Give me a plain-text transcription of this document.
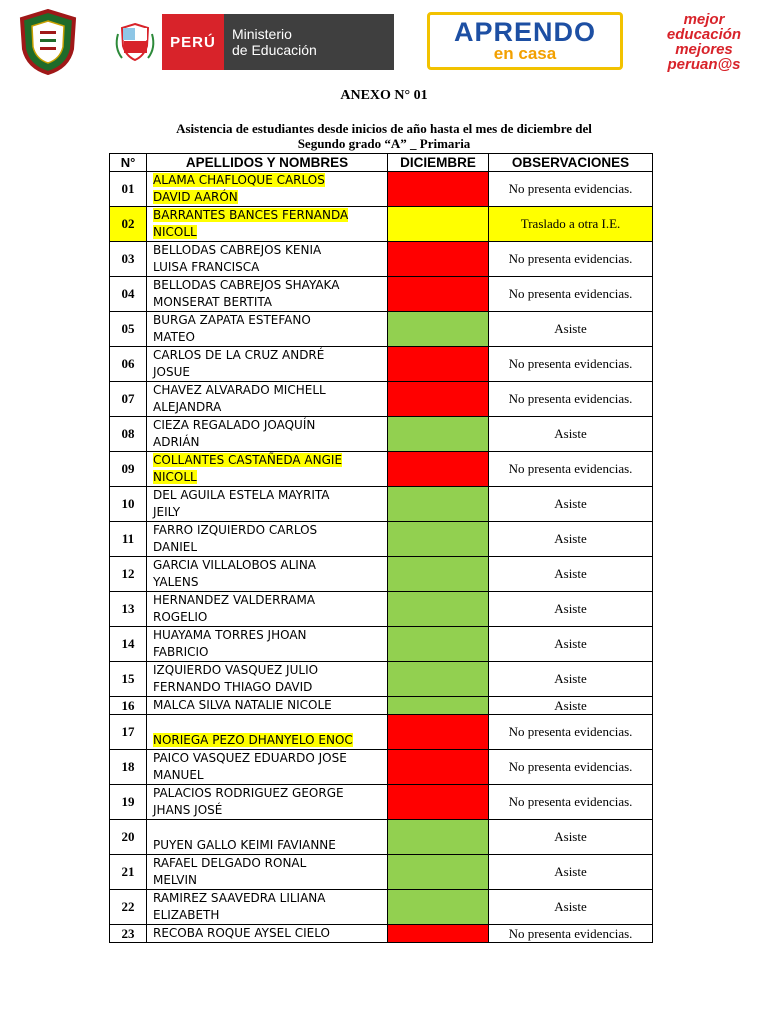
PERÚ	Ministerio
de Educación
APRENDO
en casa
mejor
educación
mejores
peruan@s
ANEXO N° 01
Asistencia de estudiantes desde inicios de año hasta el mes de diciembre del
Segundo grado “A” _ Primaria
N°	APELLIDOS Y NOMBRES	DICIEMBRE	OBSERVACIONES
01	ALAMA CHAFLOQUE CARLOS
DAVID AARÓN		No presenta evidencias.
02	BARRANTES BANCES FERNANDA
NICOLL		Traslado a otra I.E.
03	BELLODAS CABREJOS KENIA
LUISA FRANCISCA		No presenta evidencias.
04	BELLODAS CABREJOS SHAYAKA
MONSERAT BERTITA		No presenta evidencias.
05	BURGA ZAPATA ESTEFANO
MATEO		Asiste
06	CARLOS DE LA CRUZ ANDRÉ
JOSUE		No presenta evidencias.
07	CHAVEZ ALVARADO MICHELL
ALEJANDRA		No presenta evidencias.
08	CIEZA REGALADO JOAQUÍN
ADRIÁN		Asiste
09	COLLANTES CASTAÑEDA ANGIE
NICOLL		No presenta evidencias.
10	DEL AGUILA ESTELA MAYRITA
JEILY		Asiste
11	FARRO IZQUIERDO CARLOS
DANIEL		Asiste
12	GARCIA VILLALOBOS ALINA
YALENS		Asiste
13	HERNANDEZ VALDERRAMA
ROGELIO		Asiste
14	HUAYAMA TORRES JHOAN
FABRICIO		Asiste
15	IZQUIERDO VASQUEZ JULIO
FERNANDO THIAGO DAVID		Asiste
16	MALCA SILVA NATALIE NICOLE		Asiste
17	NORIEGA PEZO DHANYELO ENOC		No presenta evidencias.
18	PAICO VASQUEZ EDUARDO JOSE
MANUEL		No presenta evidencias.
19	PALACIOS RODRIGUEZ GEORGE
JHANS JOSÉ		No presenta evidencias.
20	PUYEN GALLO KEIMI FAVIANNE		Asiste
21	RAFAEL DELGADO RONAL
MELVIN		Asiste
22	RAMIREZ SAAVEDRA LILIANA
ELIZABETH		Asiste
23	RECOBA ROQUE AYSEL CIELO		No presenta evidencias.
